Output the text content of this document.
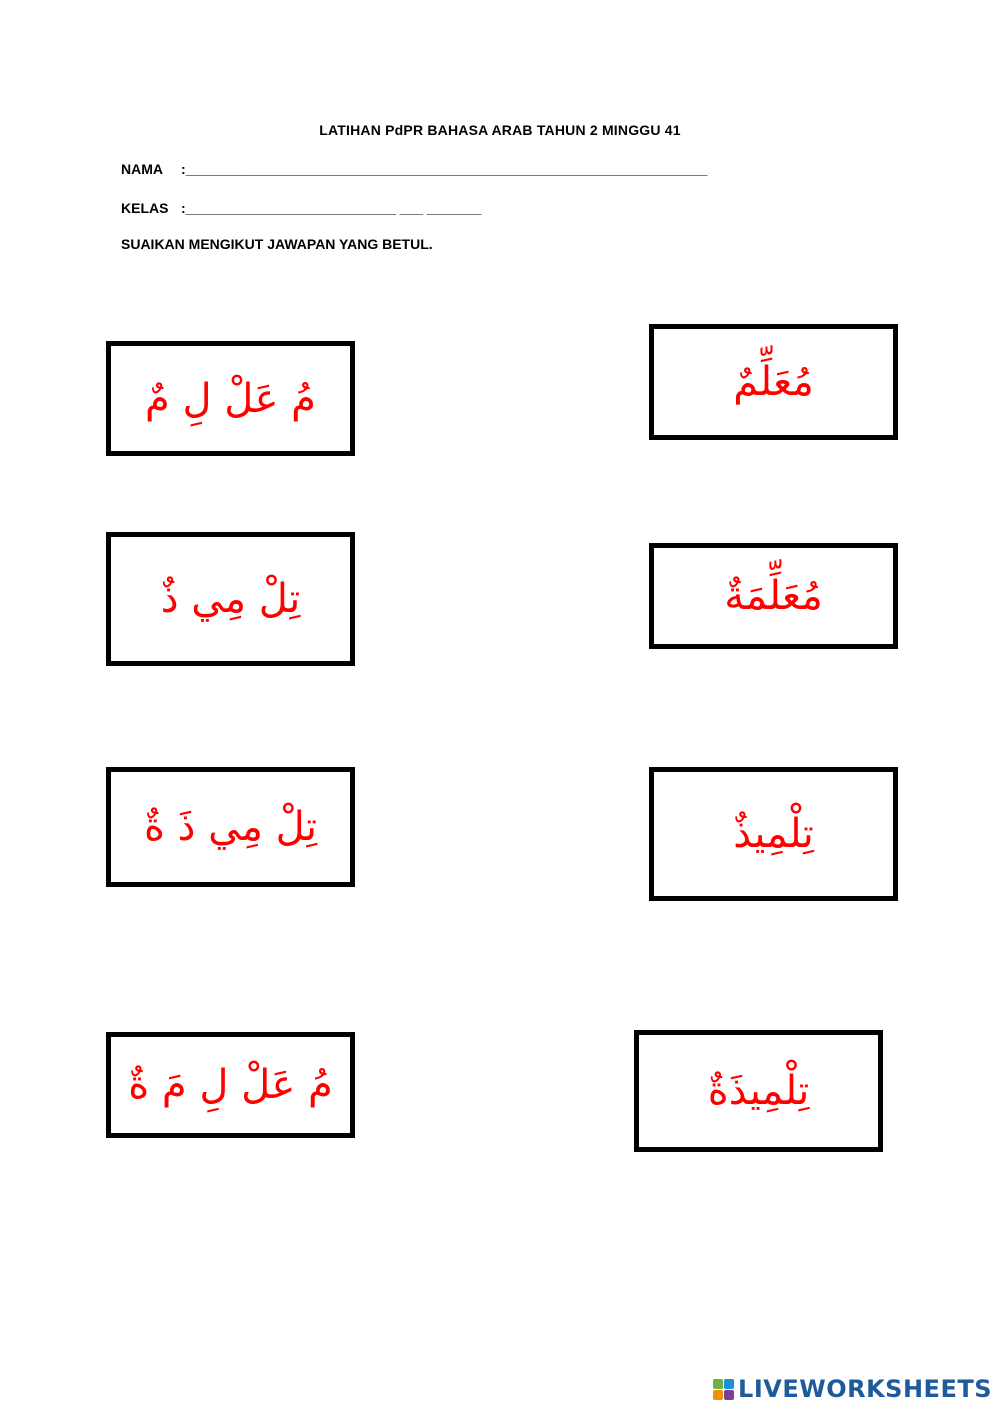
LATIHAN PdPR BAHASA ARAB TAHUN 2 MINGGU 41
NAMA :___________________________________________________________________
KELAS :___________________________ ___ _______
SUAIKAN MENGIKUT JAWAPAN YANG BETUL.
مُ عَلْ لِ مٌ
تِلْ مِي ذٌ
تِلْ مِي ذَ ةٌ
مُ عَلْ لِ مَ ةٌ
مُعَلِّمٌ
مُعَلِّمَةٌ
تِلْمِيذٌ
تِلْمِيذَةٌ
LIVEWORKSHEETS
